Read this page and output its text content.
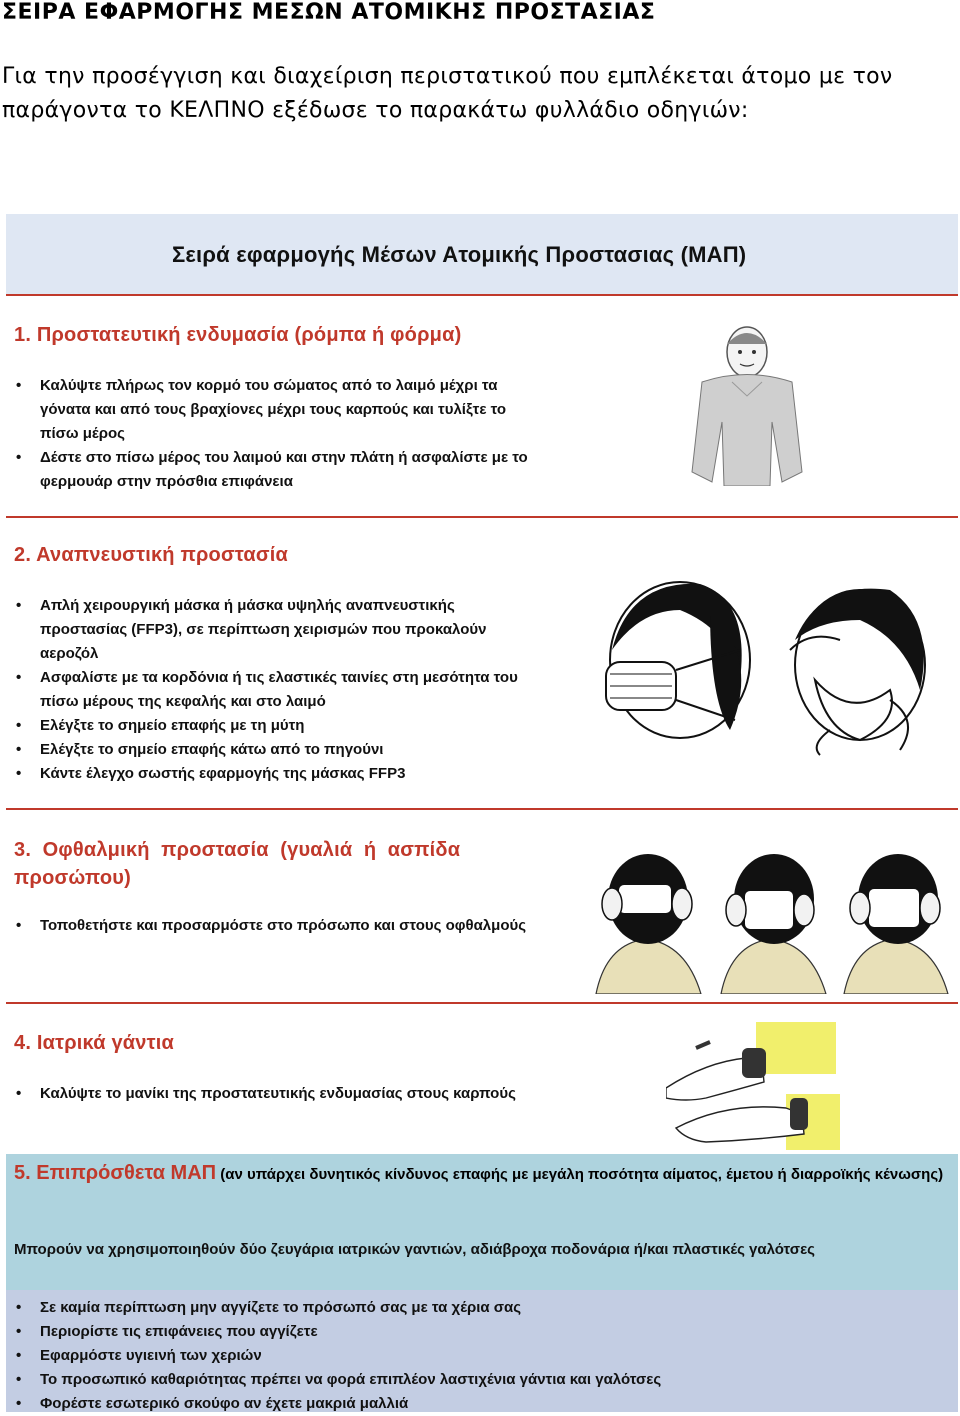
ΣΕΙΡΑ ΕΦΑΡΜΟΓΗΣ ΜΕΣΩΝ ΑΤΟΜΙΚΗΣ ΠΡΟΣΤΑΣΙΑΣ
Για την προσέγγιση και διαχείριση περιστατικού που εμπλέκεται άτομο με τον
παράγοντα το ΚΕΛΠΝΟ εξέδωσε το παρακάτω φυλλάδιο οδηγιών:
Σειρά εφαρμογής Μέσων Ατομικής Προστασιας (ΜΑΠ)
1. Προστατευτική ενδυμασία (ρόμπα ή φόρμα)
• Καλύψτε πλήρως τον κορμό του σώματος από το λαιμό μέχρι τα γόνατα και από τους βραχίονες μέχρι τους καρπούς και τυλίξτε το πίσω μέρος
• Δέστε στο πίσω μέρος του λαιμού και στην πλάτη ή ασφαλίστε με το φερμουάρ στην πρόσθια επιφάνεια
2. Αναπνευστική προστασία
• Απλή χειρουργική μάσκα ή μάσκα υψηλής αναπνευστικής προστασίας (FFP3), σε περίπτωση χειρισμών που προκαλούν αεροζόλ
• Ασφαλίστε με τα κορδόνια ή τις ελαστικές ταινίες στη μεσότητα του πίσω μέρους της κεφαλής και στο λαιμό
• Ελέγξτε το σημείο επαφής με τη μύτη
• Ελέγξτε το σημείο επαφής κάτω από το πηγούνι
• Κάντε έλεγχο σωστής εφαρμογής της μάσκας FFP3
3.  Οφθαλμική  προστασία  (γυαλιά  ή  ασπίδα
προσώπου)
• Τοποθετήστε και προσαρμόστε στο πρόσωπο και στους οφθαλμούς
4. Ιατρικά γάντια
• Καλύψτε το μανίκι της προστατευτικής ενδυμασίας στους καρπούς
5. Επιπρόσθετα ΜΑΠ (αν υπάρχει δυνητικός κίνδυνος επαφής με μεγάλη ποσότητα αίματος, έμετου ή διαρροϊκής κένωσης)
Μπορούν να χρησιμοποιηθούν δύο ζευγάρια ιατρικών γαντιών, αδιάβροχα ποδονάρια ή/και πλαστικές γαλότσες
• Σε καμία περίπτωση μην αγγίζετε το πρόσωπό σας με τα χέρια σας
• Περιορίστε τις επιφάνειες που αγγίζετε
• Εφαρμόστε υγιεινή των χεριών
• Το προσωπικό καθαριότητας πρέπει να φορά επιπλέον λαστιχένια γάντια και γαλότσες
• Φορέστε εσωτερικό σκούφο αν έχετε μακριά μαλλιά
